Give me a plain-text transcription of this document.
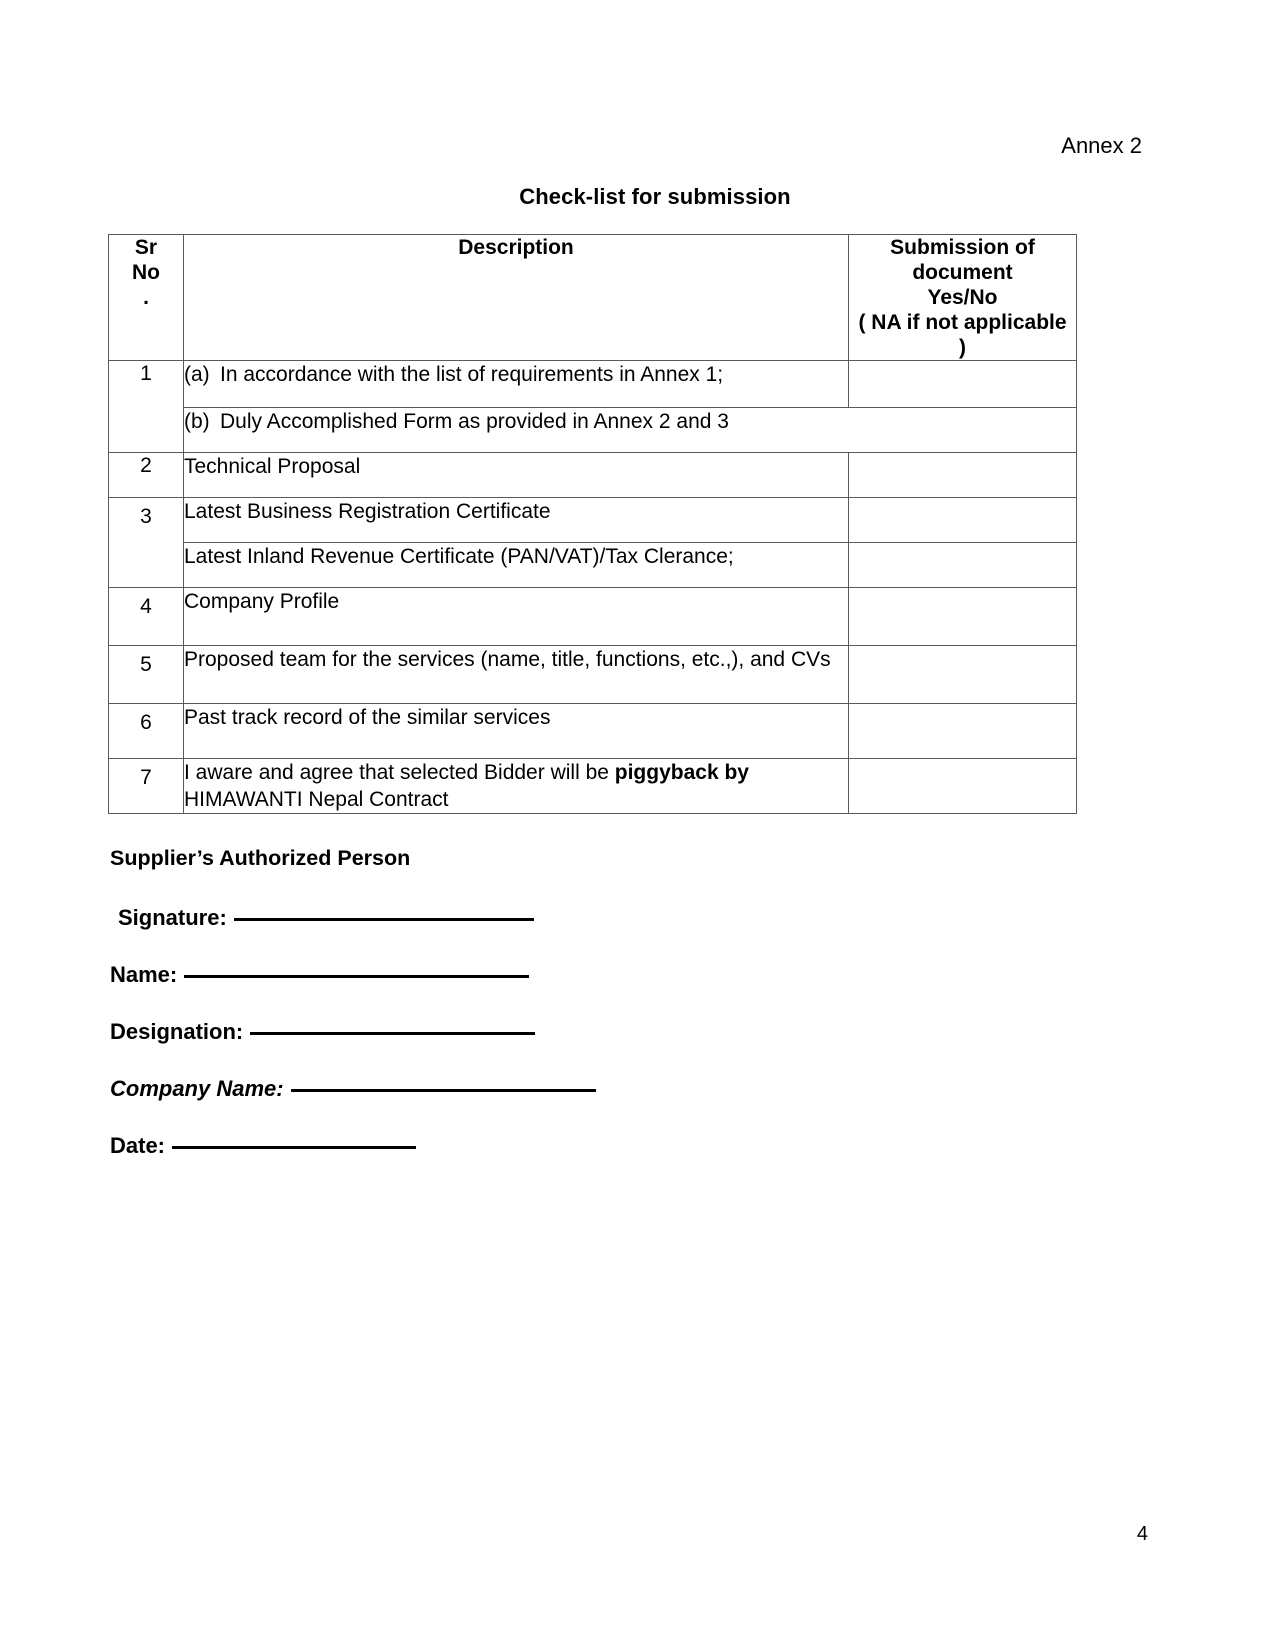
Annex 2
Check-list for submission
Sr
No
.	Description	Submission of
document
Yes/No
( NA if not applicable
)

1	(a) In accordance with the list of requirements in Annex 1;	
	(b) Duly Accomplished Form as provided in Annex 2 and 3	
2	Technical Proposal	
3	Latest Business Registration Certificate	
	Latest Inland Revenue Certificate (PAN/VAT)/Tax Clerance;	
4	Company Profile	
5	Proposed team for the services (name, title, functions, etc.,), and CVs	
6	Past track record of the similar services	
7	I aware and agree that selected Bidder will be piggyback by
HIMAWANTI Nepal Contract	
Supplier’s Authorized Person
Signature:
Name:
Designation:
Company Name:
Date:
4
